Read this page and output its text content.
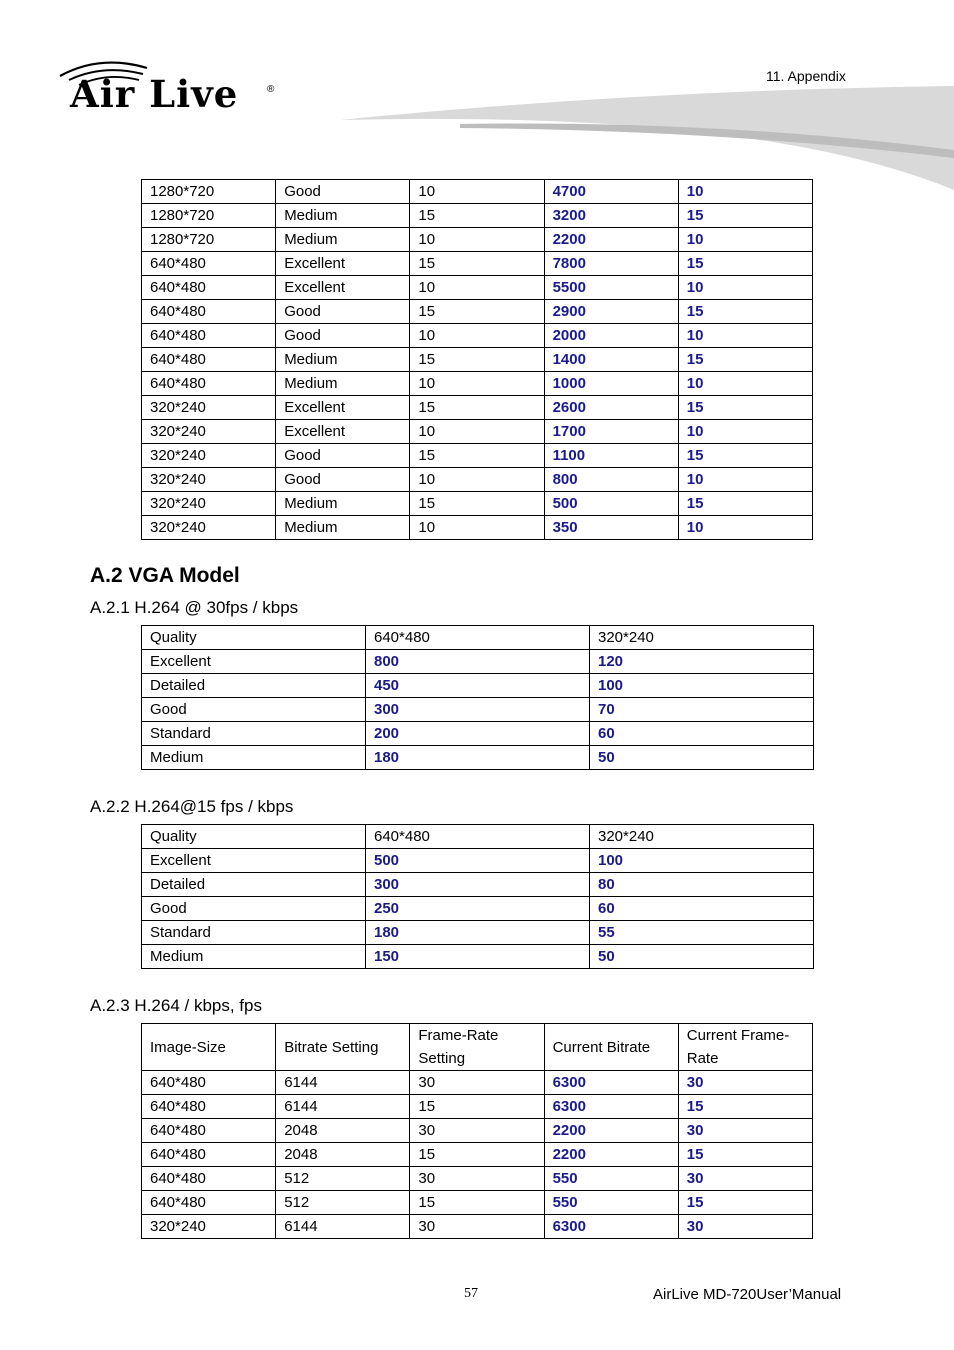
Air Live	®
11. Appendix
1280*720	Good	10	4700	10
1280*720	Medium	15	3200	15
1280*720	Medium	10	2200	10
640*480	Excellent	15	7800	15
640*480	Excellent	10	5500	10
640*480	Good	15	2900	15
640*480	Good	10	2000	10
640*480	Medium	15	1400	15
640*480	Medium	10	1000	10
320*240	Excellent	15	2600	15
320*240	Excellent	10	1700	10
320*240	Good	15	1100	15
320*240	Good	10	800	10
320*240	Medium	15	500	15
320*240	Medium	10	350	10
A.2 VGA Model
A.2.1 H.264 @ 30fps / kbps
Quality	640*480	320*240
Excellent	800	120
Detailed	450	100
Good	300	70
Standard	200	60
Medium	180	50
A.2.2 H.264@15 fps / kbps
Quality	640*480	320*240
Excellent	500	100
Detailed	300	80
Good	250	60
Standard	180	55
Medium	150	50
A.2.3 H.264 / kbps, fps
Image-Size	Bitrate Setting	Frame-Rate Setting	Current Bitrate	Current Frame-Rate
640*480	6144	30	6300	30
640*480	6144	15	6300	15
640*480	2048	30	2200	30
640*480	2048	15	2200	15
640*480	512	30	550	30
640*480	512	15	550	15
320*240	6144	30	6300	30
57	AirLive MD-720User’Manual
